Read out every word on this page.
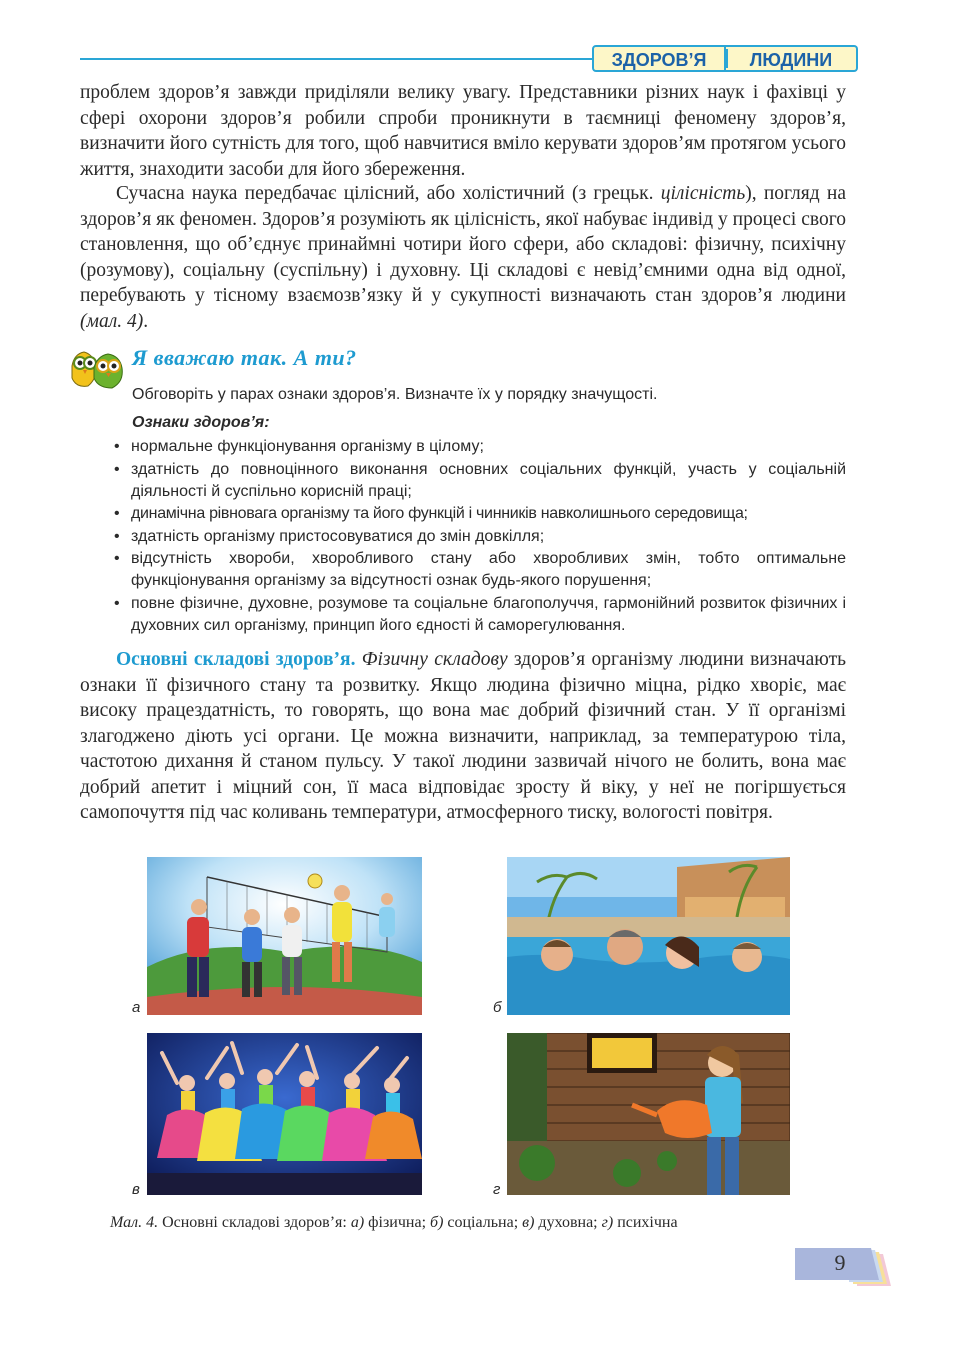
ЗДОРОВ’Я	ЛЮДИНИ

проблем здоров’я завжди приділяли велику увагу. Представники різних наук і фахівці у сфері охорони здоров’я робили спроби проникнути в таємниці феномену здоров’я, визначити його сутність для того, щоб навчитися вміло керувати здоров’ям протягом усього життя, знаходити засоби для його збереження.

Сучасна наука передбачає цілісний, або холістичний (з грецьк. цілісність), погляд на здоров’я як феномен. Здоров’я розуміють як цілісність, якої набуває індивід у процесі свого становлення, що об’єднує принаймні чотири його сфери, або складові: фізичну, психічну (розумову), соціальну (суспільну) і духовну. Ці складові є невід’ємними одна від одної, перебувають у тісному взаємозв’язку й у сукупності визначають стан здоров’я людини (мал. 4).

Я вважаю так. А ти?
Обговоріть у парах ознаки здоров’я. Визначте їх у порядку значущості.
Ознаки здоров’я:
• нормальне функціонування організму в цілому;
• здатність до повноцінного виконання основних соціальних функцій, участь у соціальній діяльності й суспільно корисній праці;
• динамічна рівновага організму та його функцій і чинників навколишнього середовища;
• здатність організму пристосовуватися до змін довкілля;
• відсутність хвороби, хворобливого стану або хворобливих змін, тобто оптимальне функціонування організму за відсутності ознак будь-якого порушення;
• повне фізичне, духовне, розумове та соціальне благополуччя, гармонійний розвиток фізичних і духовних сил організму, принцип його єдності й саморегулювання.

Основні складові здоров’я. Фізичну складову здоров’я організму людини визначають ознаки її фізичного стану та розвитку. Якщо людина фізично міцна, рідко хворіє, має високу працездатність, то говорять, що вона має добрий фізичний стан. У її організмі злагоджено діють усі органи. Це можна визначити, наприклад, за температурою тіла, частотою дихання й станом пульсу. У такої людини зазвичай нічого не болить, вона має добрий апетит і міцний сон, її маса відповідає зросту й віку, у неї не погіршується самопочуття під час коливань температури, атмосферного тиску, вологості повітря.

а	б
в	г
Мал. 4. Основні складові здоров’я: а) фізична; б) соціальна; в) духовна; г) психічна
9
